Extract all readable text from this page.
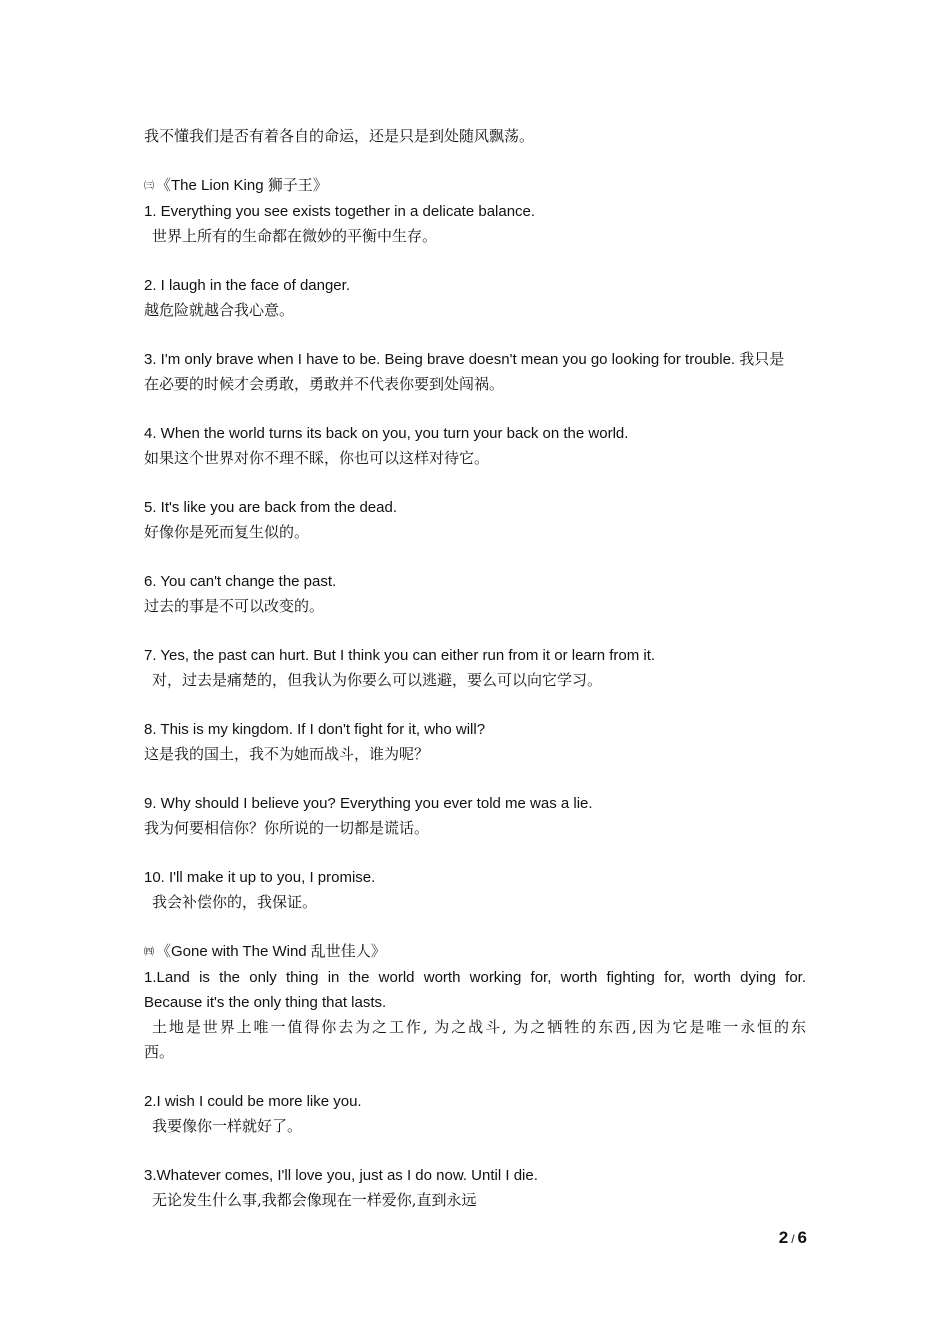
我不懂我们是否有着各自的命运，还是只是到处随风飘荡。
㈢ 《The Lion King 狮子王》
1. Everything you see exists together in a delicate balance.
世界上所有的生命都在微妙的平衡中生存。
2. I laugh in the face of danger.
越危险就越合我心意。
3. I'm only brave when I have to be. Being brave doesn't mean you go looking for trouble. 我只是
在必要的时候才会勇敢，勇敢并不代表你要到处闯祸。
4. When the world turns its back on you, you turn your back on the world.
如果这个世界对你不理不睬，你也可以这样对待它。
5. It's like you are back from the dead.
好像你是死而复生似的。
6. You can't change the past.
过去的事是不可以改变的。
7. Yes, the past can hurt. But I think you can either run from it or learn from it.
对，过去是痛楚的，但我认为你要么可以逃避，要么可以向它学习。
8. This is my kingdom. If I don't fight for it, who will?
这是我的国土，我不为她而战斗，谁为呢？
9. Why should I believe you? Everything you ever told me was a lie.
我为何要相信你？你所说的一切都是谎话。
10. I'll make it up to you, I promise.
我会补偿你的，我保证。
㈣ 《Gone with The Wind 乱世佳人》
1.Land is the only thing in the world worth working for, worth fighting for, worth dying for.
Because it's the only thing that lasts.
土地是世界上唯一值得你去为之工作, 为之战斗, 为之牺牲的东西,因为它是唯一永恒的东
西。
2.I wish I could be more like you.
我要像你一样就好了。
3.Whatever comes, I'll love you, just as I do now. Until I die.
无论发生什么事,我都会像现在一样爱你,直到永远
2 / 6
